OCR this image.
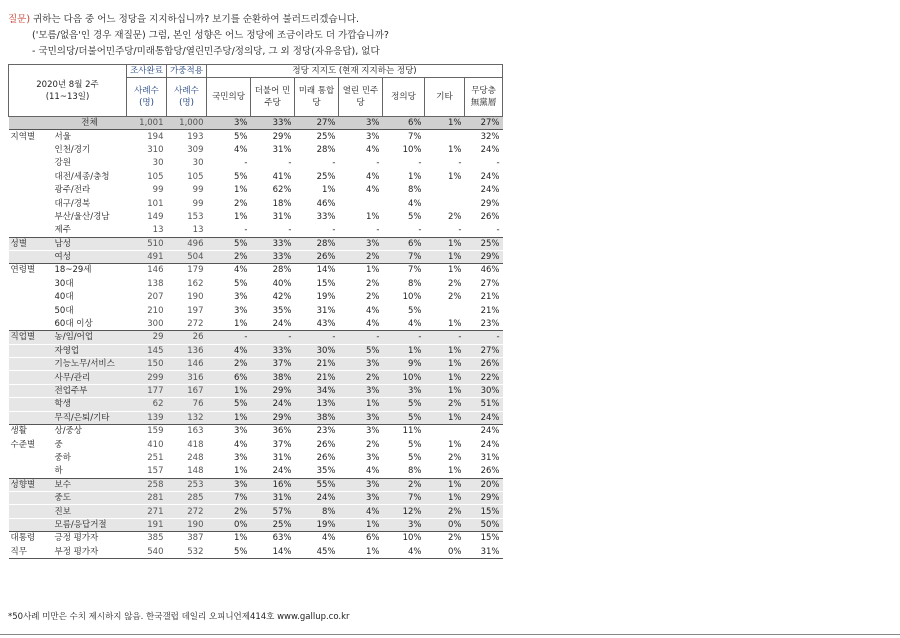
질문) 귀하는 다음 중 어느 정당을 지지하십니까? 보기를 순환하여 불러드리겠습니다.
('모름/없음'인 경우 재질문) 그럼, 본인 성향은 어느 정당에 조금이라도 더 가깝습니까?
- 국민의당/더불어민주당/미래통합당/열린민주당/정의당, 그 외 정당(자유응답), 없다
2020년 8월 2주
(11~13일)		조사완료	가중적용	정당 지지도 (현재 지지하는 정당)						
		사례수 (명)	사례수 (명)	국민의당	더불어 민주당	미래 통합당	열린 민주당	정의당	기타	무당층 無黨層
	전체	1,001	1,000	3%	33%	27%	3%	6%	1%	27%
지역별	서울	194	193	5%	29%	25%	3%	7%		32%
	인천/경기	310	309	4%	31%	28%	4%	10%	1%	24%
	강원	30	30	-	-	-	-	-	-	-
	대전/세종/충청	105	105	5%	41%	25%	4%	1%	1%	24%
	광주/전라	99	99	1%	62%	1%	4%	8%		24%
	대구/경북	101	99	2%	18%	46%		4%		29%
	부산/울산/경남	149	153	1%	31%	33%	1%	5%	2%	26%
	제주	13	13	-	-	-	-	-	-	-
성별	남성	510	496	5%	33%	28%	3%	6%	1%	25%
	여성	491	504	2%	33%	26%	2%	7%	1%	29%
연령별	18~29세	146	179	4%	28%	14%	1%	7%	1%	46%
	30대	138	162	5%	40%	15%	2%	8%	2%	27%
	40대	207	190	3%	42%	19%	2%	10%	2%	21%
	50대	210	197	3%	35%	31%	4%	5%		21%
	60대 이상	300	272	1%	24%	43%	4%	4%	1%	23%
직업별	농/임/어업	29	26	-	-	-	-	-	-	-
	자영업	145	136	4%	33%	30%	5%	1%	1%	27%
	기능노무/서비스	150	146	2%	37%	21%	3%	9%	1%	26%
	사무/관리	299	316	6%	38%	21%	2%	10%	1%	22%
	전업주부	177	167	1%	29%	34%	3%	3%	1%	30%
	학생	62	76	5%	24%	13%	1%	5%	2%	51%
	무직/은퇴/기타	139	132	1%	29%	38%	3%	5%	1%	24%
생활	상/중상	159	163	3%	36%	23%	3%	11%		24%
수준별	중	410	418	4%	37%	26%	2%	5%	1%	24%
	중하	251	248	3%	31%	26%	3%	5%	2%	31%
	하	157	148	1%	24%	35%	4%	8%	1%	26%
성향별	보수	258	253	3%	16%	55%	3%	2%	1%	20%
	중도	281	285	7%	31%	24%	3%	7%	1%	29%
	진보	271	272	2%	57%	8%	4%	12%	2%	15%
	모름/응답거절	191	190	0%	25%	19%	1%	3%	0%	50%
대통령	긍정 평가자	385	387	1%	63%	4%	6%	10%	2%	15%
직무	부정 평가자	540	532	5%	14%	45%	1%	4%	0%	31%
*50사례 미만은 수치 제시하지 않음. 한국갤럽 데일리 오피니언제414호 www.gallup.co.kr
